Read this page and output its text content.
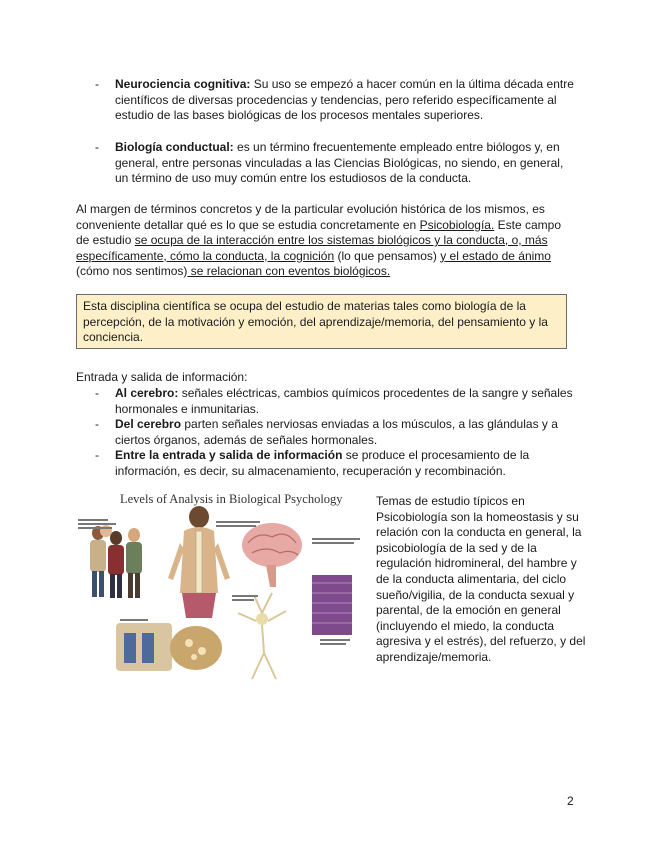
- Neurociencia cognitiva: Su uso se empezó a hacer común en la última década entre científicos de diversas procedencias y tendencias, pero referido específicamente al estudio de las bases biológicas de los procesos mentales superiores.
- Biología conductual: es un término frecuentemente empleado entre biólogos y, en general, entre personas vinculadas a las Ciencias Biológicas, no siendo, en general, un término de uso muy común entre los estudiosos de la conducta.
Al margen de términos concretos y de la particular evolución histórica de los mismos, es conveniente detallar qué es lo que se estudia concretamente en Psicobiología. Este campo de estudio se ocupa de la interacción entre los sistemas biológicos y la conducta, o, más específicamente, cómo la conducta, la cognición (lo que pensamos) y el estado de ánimo (cómo nos sentimos) se relacionan con eventos biológicos.
Esta disciplina científica se ocupa del estudio de materias tales como biología de la percepción, de la motivación y emoción, del aprendizaje/memoria, del pensamiento y la conciencia.
Entrada y salida de información:
- Al cerebro: señales eléctricas, cambios químicos procedentes de la sangre y señales hormonales e inmunitarias.
- Del cerebro parten señales nerviosas enviadas a los músculos, a las glándulas y a ciertos órganos, además de señales hormonales.
- Entre la entrada y salida de información se produce el procesamiento de la información, es decir, su almacenamiento, recuperación y recombinación.
Levels of Analysis in Biological Psychology	Temas de estudio típicos en Psicobiología son la homeostasis y su relación con la conducta en general, la psicobiología de la sed y de la regulación hidromineral, del hambre y de la conducta alimentaria, del ciclo sueño/vigilia, de la conducta sexual y parental, de la emoción en general (incluyendo el miedo, la conducta agresiva y el estrés), del refuerzo, y del aprendizaje/memoria.
2
